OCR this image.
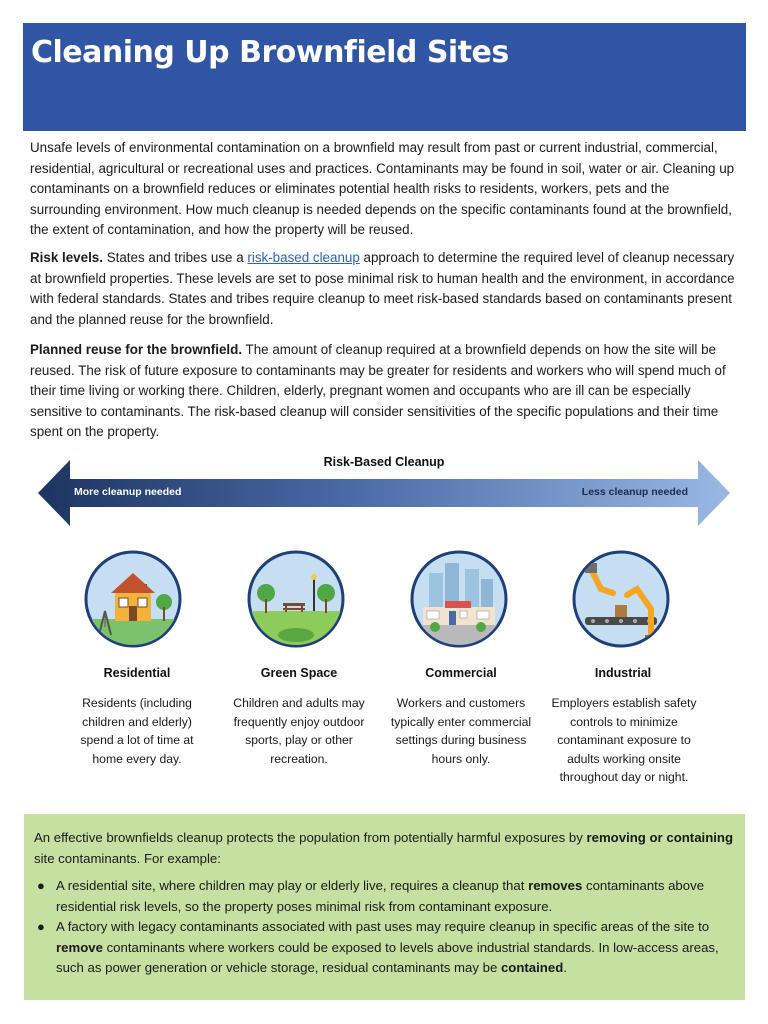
Cleaning Up Brownfield Sites

Unsafe levels of environmental contamination on a brownfield may result from past or current industrial, commercial, residential, agricultural or recreational uses and practices. Contaminants may be found in soil, water or air. Cleaning up contaminants on a brownfield reduces or eliminates potential health risks to residents, workers, pets and the surrounding environment. How much cleanup is needed depends on the specific contaminants found at the brownfield, the extent of contamination, and how the property will be reused.

Risk levels. States and tribes use a risk-based cleanup approach to determine the required level of cleanup necessary at brownfield properties. These levels are set to pose minimal risk to human health and the environment, in accordance with federal standards. States and tribes require cleanup to meet risk-based standards based on contaminants present and the planned reuse for the brownfield.

Planned reuse for the brownfield. The amount of cleanup required at a brownfield depends on how the site will be reused. The risk of future exposure to contaminants may be greater for residents and workers who will spend much of their time living or working there. Children, elderly, pregnant women and occupants who are ill can be especially sensitive to contaminants. The risk-based cleanup will consider sensitivities of the specific populations and their time spent on the property.

Risk-Based Cleanup
More cleanup needed	Less cleanup needed
Residential	Green Space	Commercial	Industrial
Residents (including children and elderly) spend a lot of time at home every day.
Children and adults may frequently enjoy outdoor sports, play or other recreation.
Workers and customers typically enter commercial settings during business hours only.
Employers establish safety controls to minimize contaminant exposure to adults working onsite throughout day or night.

An effective brownfields cleanup protects the population from potentially harmful exposures by removing or containing site contaminants. For example:

● A residential site, where children may play or elderly live, requires a cleanup that removes contaminants above residential risk levels, so the property poses minimal risk from contaminant exposure.
● A factory with legacy contaminants associated with past uses may require cleanup in specific areas of the site to remove contaminants where workers could be exposed to levels above industrial standards. In low-access areas, such as power generation or vehicle storage, residual contaminants may be contained.
